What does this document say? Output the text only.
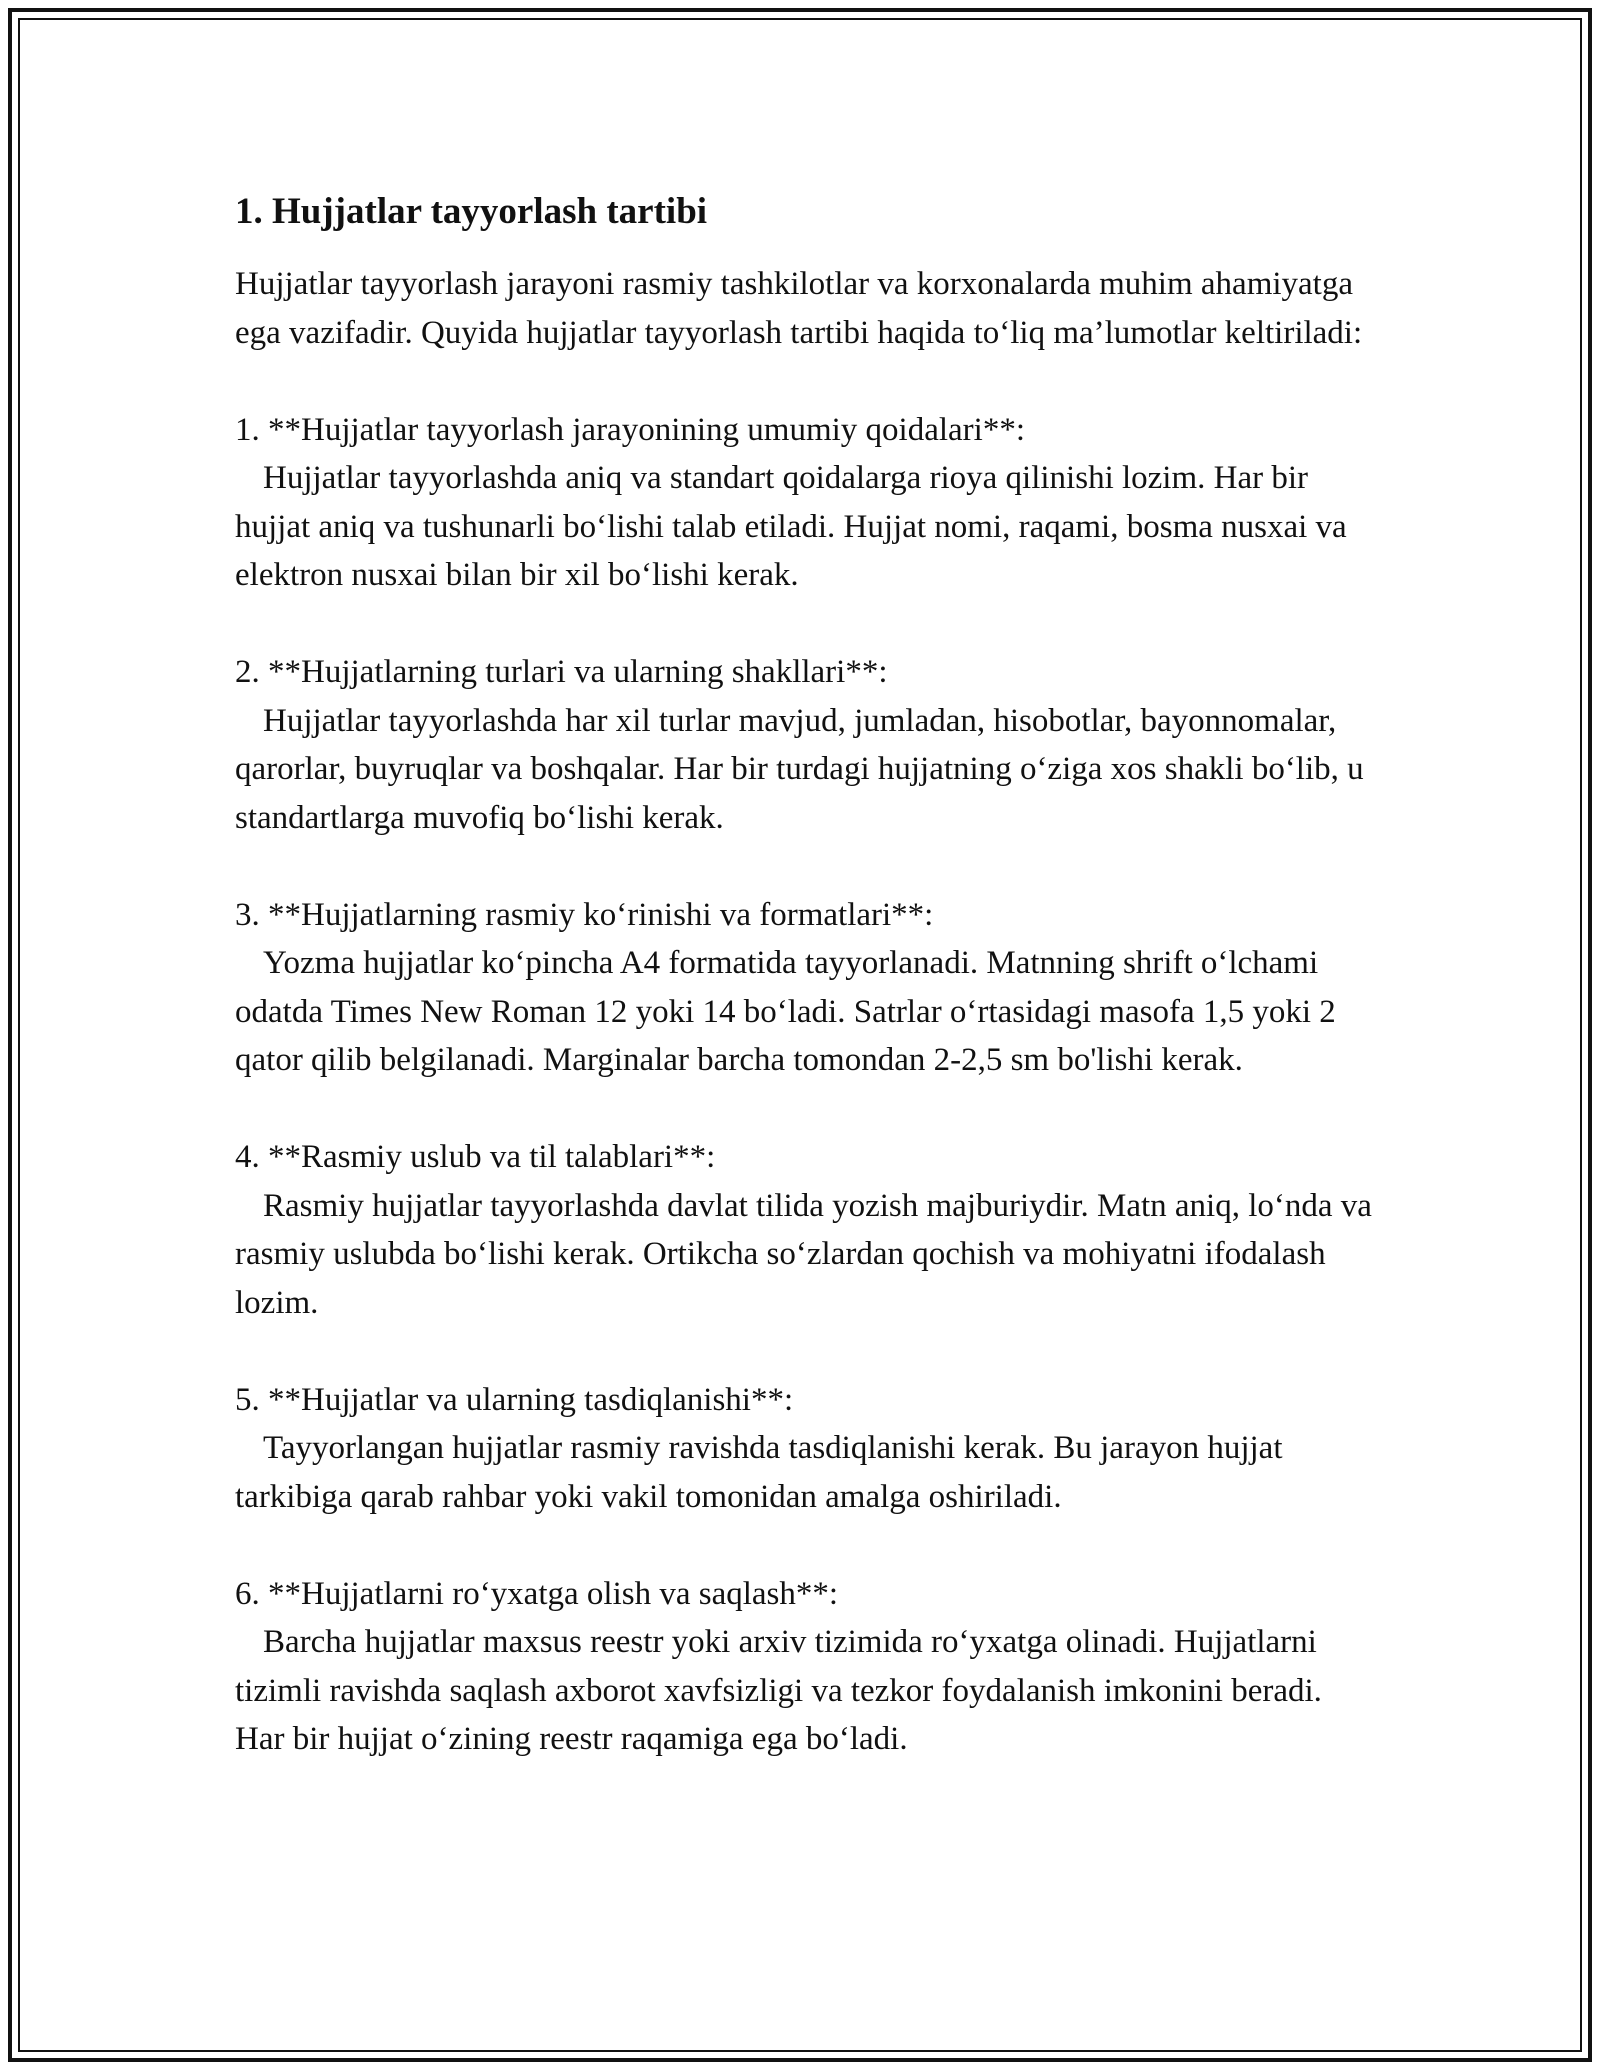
1. Hujjatlar tayyorlash tartibi

Hujjatlar tayyorlash jarayoni rasmiy tashkilotlar va korxonalarda muhim ahamiyatga ega vazifadir. Quyida hujjatlar tayyorlash tartibi haqida to‘liq ma’lumotlar keltiriladi:

1. **Hujjatlar tayyorlash jarayonining umumiy qoidalari**:
Hujjatlar tayyorlashda aniq va standart qoidalarga rioya qilinishi lozim. Har bir hujjat aniq va tushunarli bo‘lishi talab etiladi. Hujjat nomi, raqami, bosma nusxai va elektron nusxai bilan bir xil bo‘lishi kerak.
2. **Hujjatlarning turlari va ularning shakllari**:
Hujjatlar tayyorlashda har xil turlar mavjud, jumladan, hisobotlar, bayonnomalar, qarorlar, buyruqlar va boshqalar. Har bir turdagi hujjatning o‘ziga xos shakli bo‘lib, u standartlarga muvofiq bo‘lishi kerak.
3. **Hujjatlarning rasmiy ko‘rinishi va formatlari**:
Yozma hujjatlar ko‘pincha A4 formatida tayyorlanadi. Matnning shrift o‘lchami odatda Times New Roman 12 yoki 14 bo‘ladi. Satrlar o‘rtasidagi masofa 1,5 yoki 2 qator qilib belgilanadi. Marginalar barcha tomondan 2-2,5 sm bo'lishi kerak.
4. **Rasmiy uslub va til talablari**:
Rasmiy hujjatlar tayyorlashda davlat tilida yozish majburiydir. Matn aniq, lo‘nda va rasmiy uslubda bo‘lishi kerak. Ortikcha so‘zlardan qochish va mohiyatni ifodalash lozim.
5. **Hujjatlar va ularning tasdiqlanishi**:
Tayyorlangan hujjatlar rasmiy ravishda tasdiqlanishi kerak. Bu jarayon hujjat tarkibiga qarab rahbar yoki vakil tomonidan amalga oshiriladi.
6. **Hujjatlarni ro‘yxatga olish va saqlash**:
Barcha hujjatlar maxsus reestr yoki arxiv tizimida ro‘yxatga olinadi. Hujjatlarni tizimli ravishda saqlash axborot xavfsizligi va tezkor foydalanish imkonini beradi. Har bir hujjat o‘zining reestr raqamiga ega bo‘ladi.
